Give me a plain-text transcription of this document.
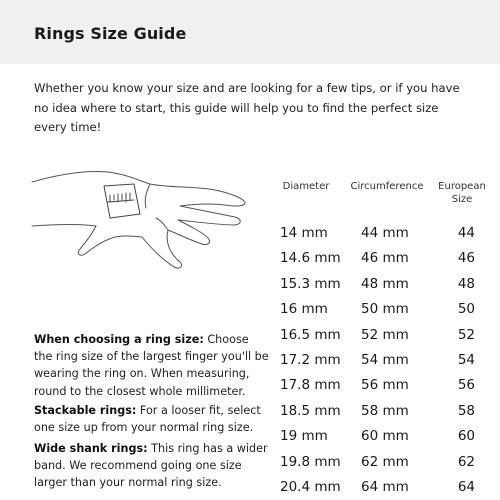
Rings Size Guide

Whether you know your size and are looking for a few tips, or if you have no idea where to start, this guide will help you to find the perfect size every time!

When choosing a ring size: Choose the ring size of the largest finger you'll be wearing the ring on. When measuring, round to the closest whole millimeter.
Stackable rings: For a looser fit, select one size up from your normal ring size.
Wide shank rings: This ring has a wider band. We recommend going one size larger than your normal ring size.
Diameter	Circumference	European Size
14 mm 44 mm	44
14.6 mm 46 mm	46
15.3 mm 48 mm	48
16 mm 50 mm	50
16.5 mm 52 mm	52
17.2 mm 54 mm	54
17.8 mm 56 mm	56
18.5 mm 58 mm	58
19 mm 60 mm	60
19.8 mm 62 mm	62
20.4 mm 64 mm	64
